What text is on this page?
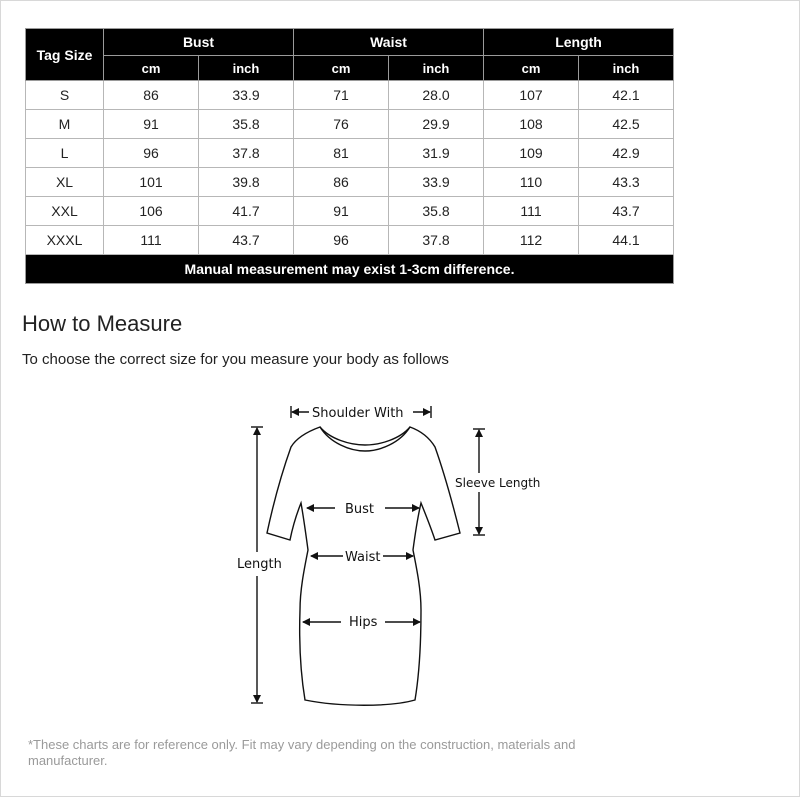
Tag Size	Bust		Waist		Length	
	cm	inch	cm	inch	cm	inch
S	86	33.9	71	28.0	107	42.1
M	91	35.8	76	29.9	108	42.5
L	96	37.8	81	31.9	109	42.9
XL	101	39.8	86	33.9	110	43.3
XXL	106	41.7	91	35.8	111	43.7
XXXL	111	43.7	96	37.8	112	44.1
Manual measurement may exist 1-3cm difference.						
How to Measure

To choose the correct size for you measure your body as follows

Shoulder With
Sleeve Length
Bust
Waist
Hips
Length

*These charts are for reference only. Fit may vary depending on the construction, materials and manufacturer.
